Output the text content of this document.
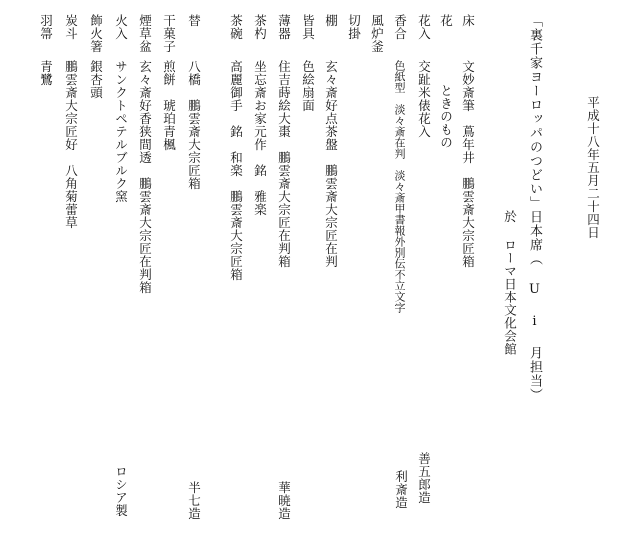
平成十八年五月二十四日
「裏千家ヨーロッパのつどい」日本席（ U i 月担当）
於 ローマ日本文化会館
床
花
花入
香合
風炉釜
切掛
棚
皆具
薄器
茶杓
茶碗
替
干菓子
煙草盆
火入
飾火箸
炭斗
羽箒
文妙斎筆　蔦年井　鵬雲斎大宗匠箱
ときのもの
交趾米俵花入
色紙型　淡々斎在判　淡々斎甲書報外別伝不立文字
玄々斎好点茶盤　鵬雲斎大宗匠在判
色絵扇面
住吉蒔絵大棗　鵬雲斎大宗匠在判箱
坐忘斎お家元作　銘　雅楽
高麗御手　銘　和楽　鵬雲斎大宗匠箱
八橋　鵬雲斎大宗匠箱
煎餅　琥珀青楓
玄々斎好香狭間透　鵬雲斎大宗匠在判箱
サンクトペテルブルク窯
銀杏頭
鵬雲斎大宗匠好　八角菊蕾草
青鷺
善五郎造
利斎造
華暁造
半七造
ロシア製
